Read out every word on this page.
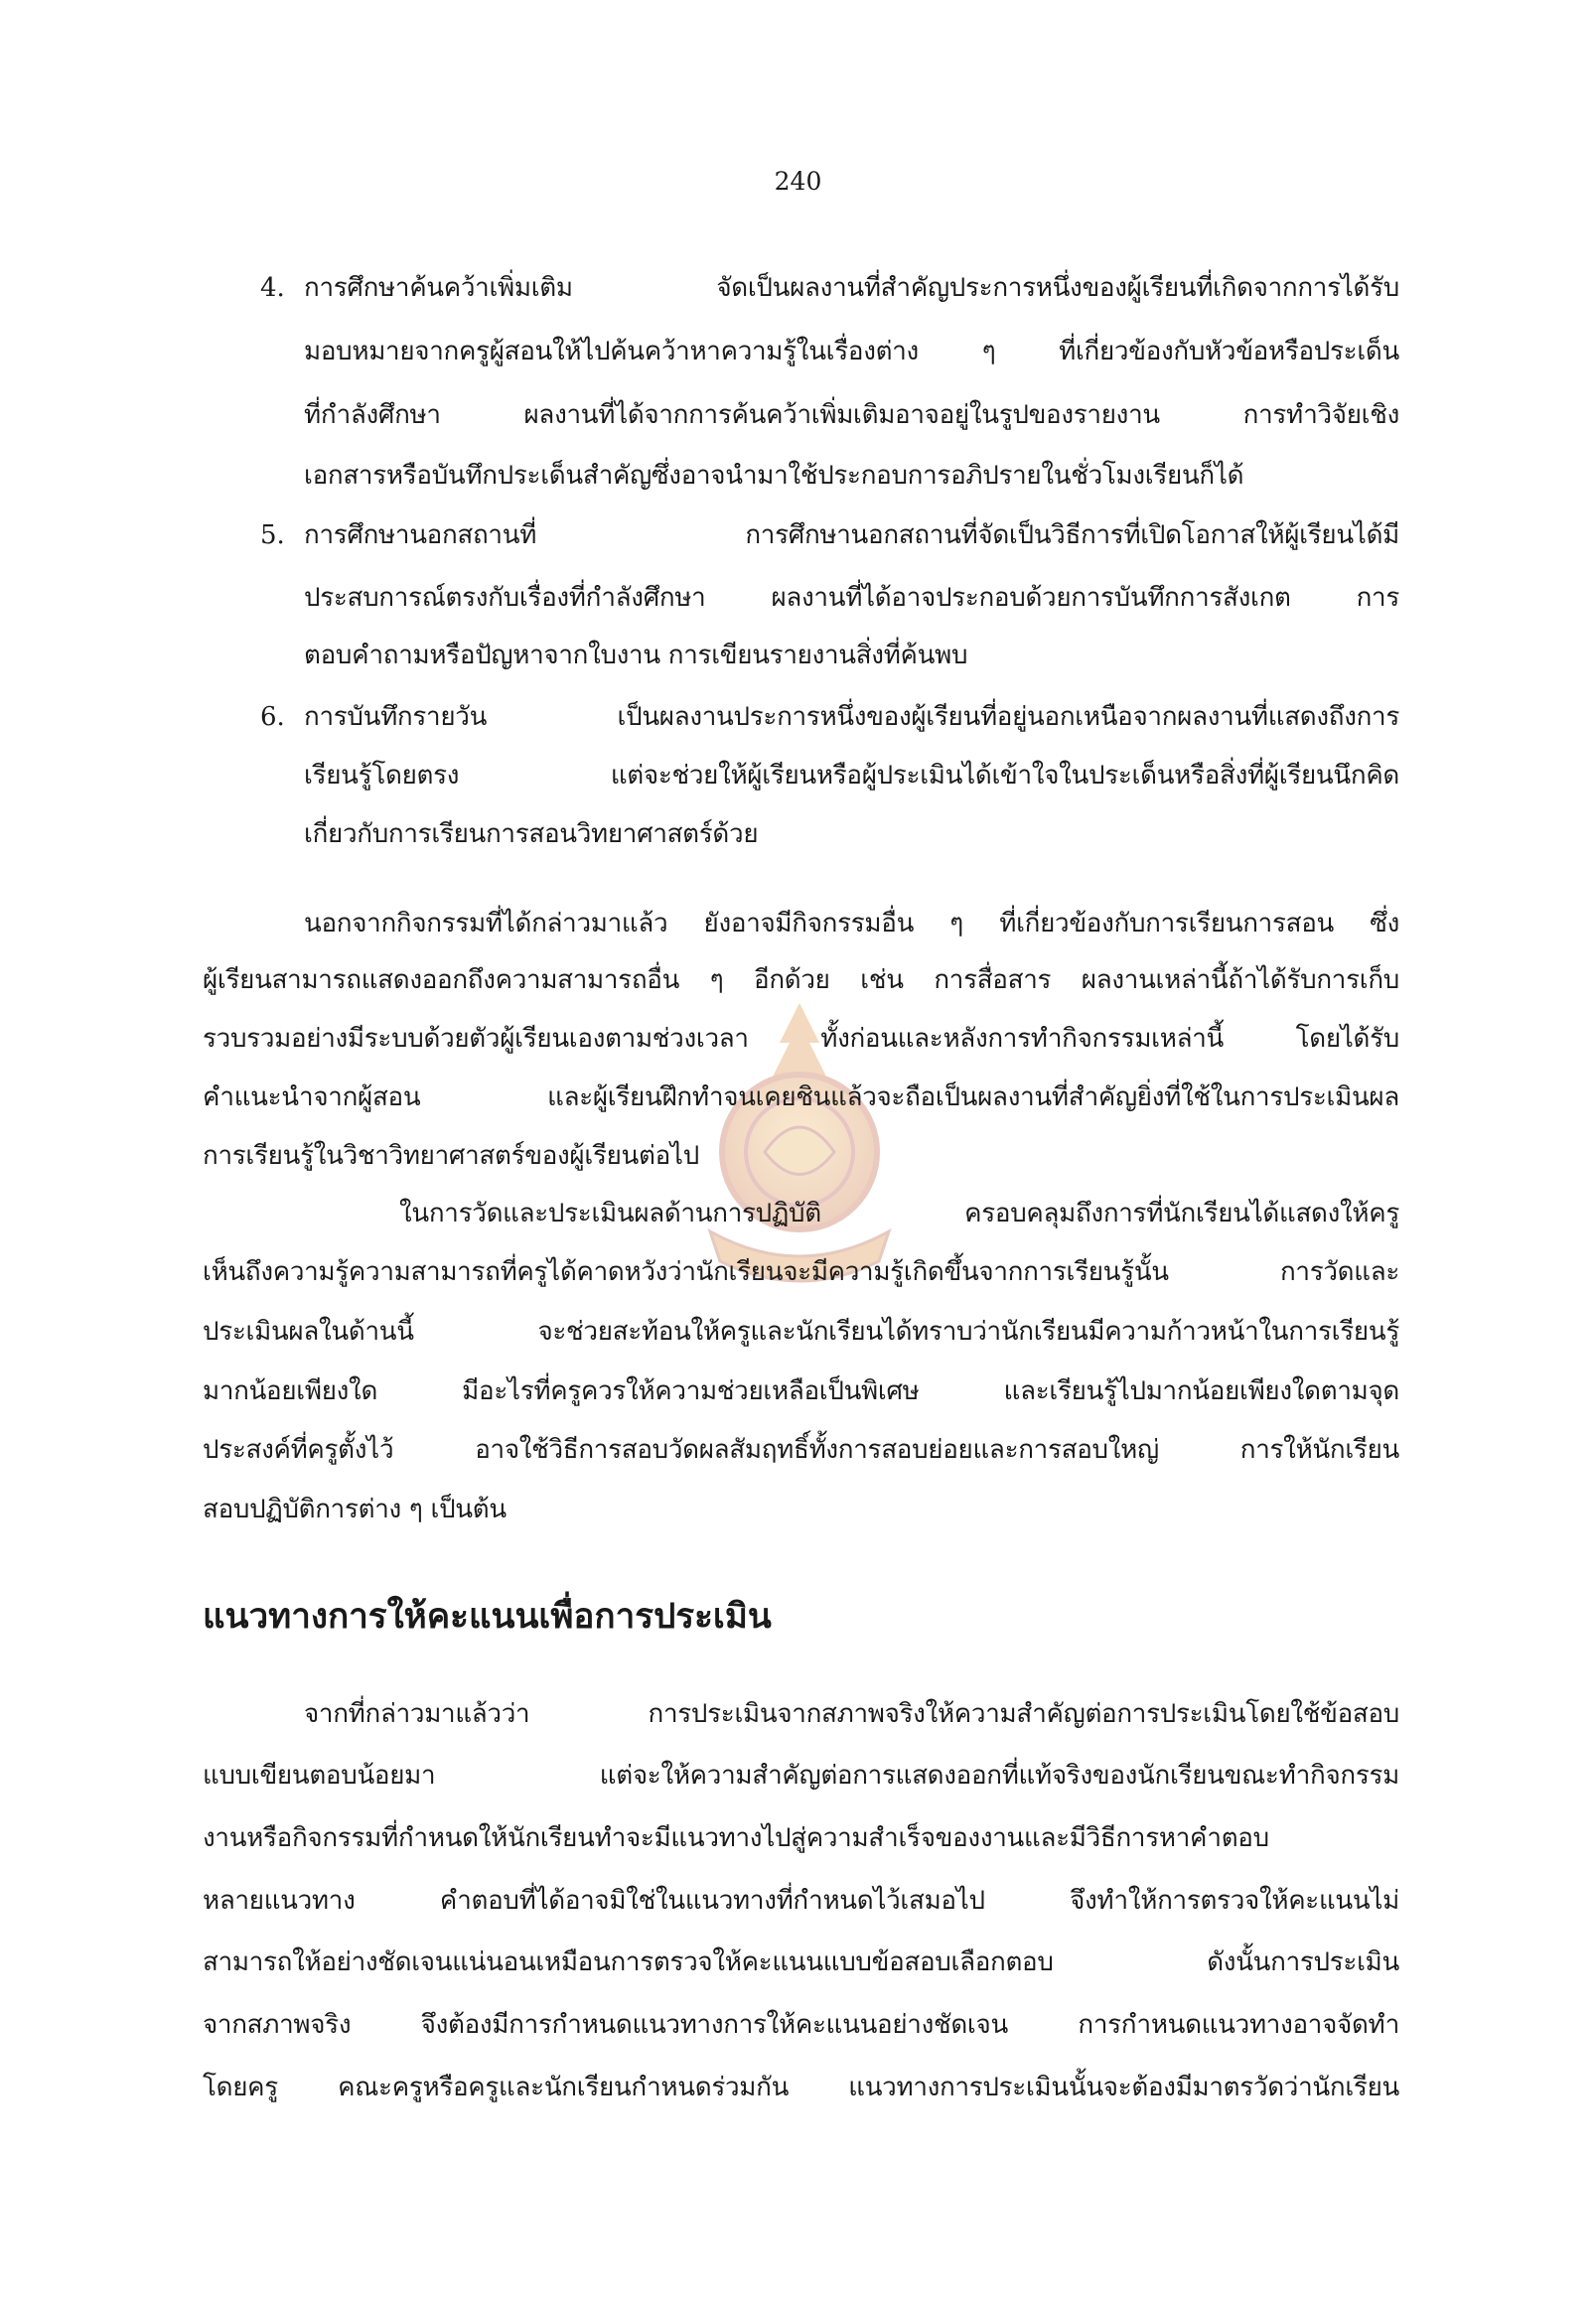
240
4. การศึกษาค้นคว้าเพิ่มเติม จัดเป็นผลงานที่สำคัญประการหนึ่งของผู้เรียนที่เกิดจากการได้รับ
มอบหมายจากครูผู้สอนให้ไปค้นคว้าหาความรู้ในเรื่องต่าง ๆ ที่เกี่ยวข้องกับหัวข้อหรือประเด็น
ที่กำลังศึกษา ผลงานที่ได้จากการค้นคว้าเพิ่มเติมอาจอยู่ในรูปของรายงาน การทำวิจัยเชิง
เอกสารหรือบันทึกประเด็นสำคัญซึ่งอาจนำมาใช้ประกอบการอภิปรายในชั่วโมงเรียนก็ได้
5. การศึกษานอกสถานที่ การศึกษานอกสถานที่จัดเป็นวิธีการที่เปิดโอกาสให้ผู้เรียนได้มี
ประสบการณ์ตรงกับเรื่องที่กำลังศึกษา ผลงานที่ได้อาจประกอบด้วยการบันทึกการสังเกต การ
ตอบคำถามหรือปัญหาจากใบงาน การเขียนรายงานสิ่งที่ค้นพบ
6. การบันทึกรายวัน เป็นผลงานประการหนึ่งของผู้เรียนที่อยู่นอกเหนือจากผลงานที่แสดงถึงการ
เรียนรู้โดยตรง แต่จะช่วยให้ผู้เรียนหรือผู้ประเมินได้เข้าใจในประเด็นหรือสิ่งที่ผู้เรียนนึกคิด
เกี่ยวกับการเรียนการสอนวิทยาศาสตร์ด้วย
นอกจากกิจกรรมที่ได้กล่าวมาแล้ว ยังอาจมีกิจกรรมอื่น ๆ ที่เกี่ยวข้องกับการเรียนการสอน ซึ่ง
ผู้เรียนสามารถแสดงออกถึงความสามารถอื่น ๆ อีกด้วย เช่น การสื่อสาร ผลงานเหล่านี้ถ้าได้รับการเก็บ
รวบรวมอย่างมีระบบด้วยตัวผู้เรียนเองตามช่วงเวลา ทั้งก่อนและหลังการทำกิจกรรมเหล่านี้ โดยได้รับ
คำแนะนำจากผู้สอน และผู้เรียนฝึกทำจนเคยชินแล้วจะถือเป็นผลงานที่สำคัญยิ่งที่ใช้ในการประเมินผล
การเรียนรู้ในวิชาวิทยาศาสตร์ของผู้เรียนต่อไป
ในการวัดและประเมินผลด้านการปฏิบัติ ครอบคลุมถึงการที่นักเรียนได้แสดงให้ครู
เห็นถึงความรู้ความสามารถที่ครูได้คาดหวังว่านักเรียนจะมีความรู้เกิดขึ้นจากการเรียนรู้นั้น การวัดและ
ประเมินผลในด้านนี้ จะช่วยสะท้อนให้ครูและนักเรียนได้ทราบว่านักเรียนมีความก้าวหน้าในการเรียนรู้
มากน้อยเพียงใด มีอะไรที่ครูควรให้ความช่วยเหลือเป็นพิเศษ และเรียนรู้ไปมากน้อยเพียงใดตามจุด
ประสงค์ที่ครูตั้งไว้ อาจใช้วิธีการสอบวัดผลสัมฤทธิ์ทั้งการสอบย่อยและการสอบใหญ่ การให้นักเรียน
สอบปฏิบัติการต่าง ๆ เป็นต้น
แนวทางการให้คะแนนเพื่อการประเมิน
จากที่กล่าวมาแล้วว่า การประเมินจากสภาพจริงให้ความสำคัญต่อการประเมินโดยใช้ข้อสอบ
แบบเขียนตอบน้อยมา แต่จะให้ความสำคัญต่อการแสดงออกที่แท้จริงของนักเรียนขณะทำกิจกรรม
งานหรือกิจกรรมที่กำหนดให้นักเรียนทำจะมีแนวทางไปสู่ความสำเร็จของงานและมีวิธีการหาคำตอบ
หลายแนวทาง คำตอบที่ได้อาจมิใช่ในแนวทางที่กำหนดไว้เสมอไป จึงทำให้การตรวจให้คะแนนไม่
สามารถให้อย่างชัดเจนแน่นอนเหมือนการตรวจให้คะแนนแบบข้อสอบเลือกตอบ ดังนั้นการประเมิน
จากสภาพจริง จึงต้องมีการกำหนดแนวทางการให้คะแนนอย่างชัดเจน การกำหนดแนวทางอาจจัดทำ
โดยครู คณะครูหรือครูและนักเรียนกำหนดร่วมกัน แนวทางการประเมินนั้นจะต้องมีมาตรวัดว่านักเรียน
